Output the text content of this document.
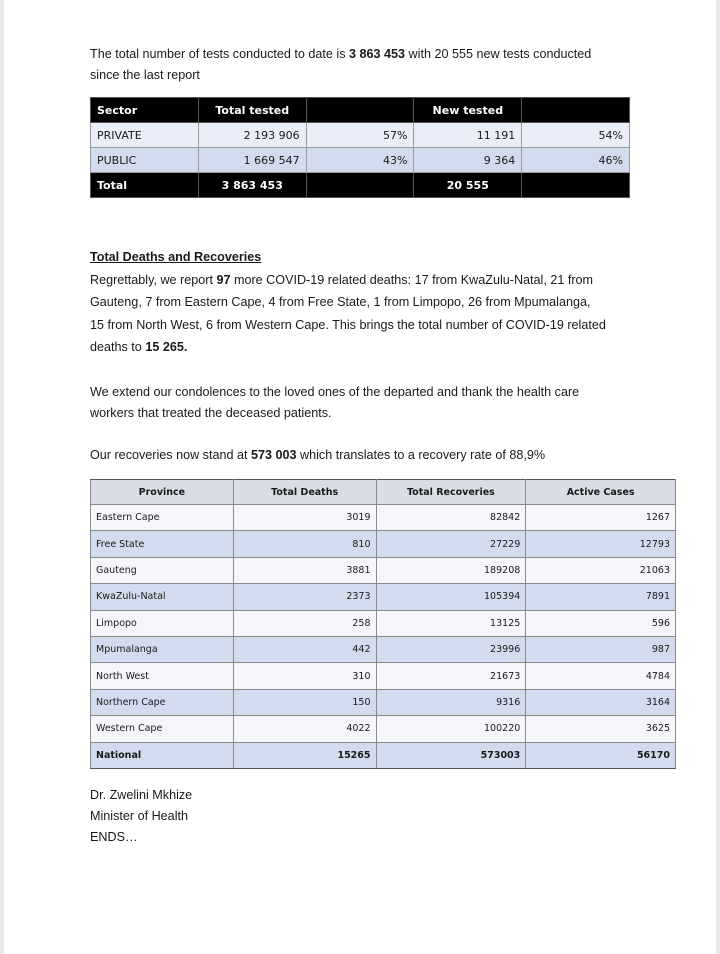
The total number of tests conducted to date is 3 863 453 with 20 555 new tests conducted

since the last report

Sector	Total tested		New tested	
PRIVATE	2 193 906	57%	11 191	54%
PUBLIC	1 669 547	43%	9 364	46%
Total	3 863 453		20 555	

Total Deaths and Recoveries

Regrettably, we report 97 more COVID-19 related deaths: 17 from KwaZulu-Natal, 21 from

Gauteng, 7 from Eastern Cape, 4 from Free State, 1 from Limpopo, 26 from Mpumalanga,

15 from North West, 6 from Western Cape. This brings the total number of COVID-19 related

deaths to 15 265.

We extend our condolences to the loved ones of the departed and thank the health care

workers that treated the deceased patients.

Our recoveries now stand at 573 003 which translates to a recovery rate of 88,9%

Province	Total Deaths	Total Recoveries	Active Cases
Eastern Cape	3019	82842	1267
Free State	810	27229	12793
Gauteng	3881	189208	21063
KwaZulu-Natal	2373	105394	7891
Limpopo	258	13125	596
Mpumalanga	442	23996	987
North West	310	21673	4784
Northern Cape	150	9316	3164
Western Cape	4022	100220	3625
National	15265	573003	56170
Dr. Zwelini Mkhize
Minister of Health
ENDS…
